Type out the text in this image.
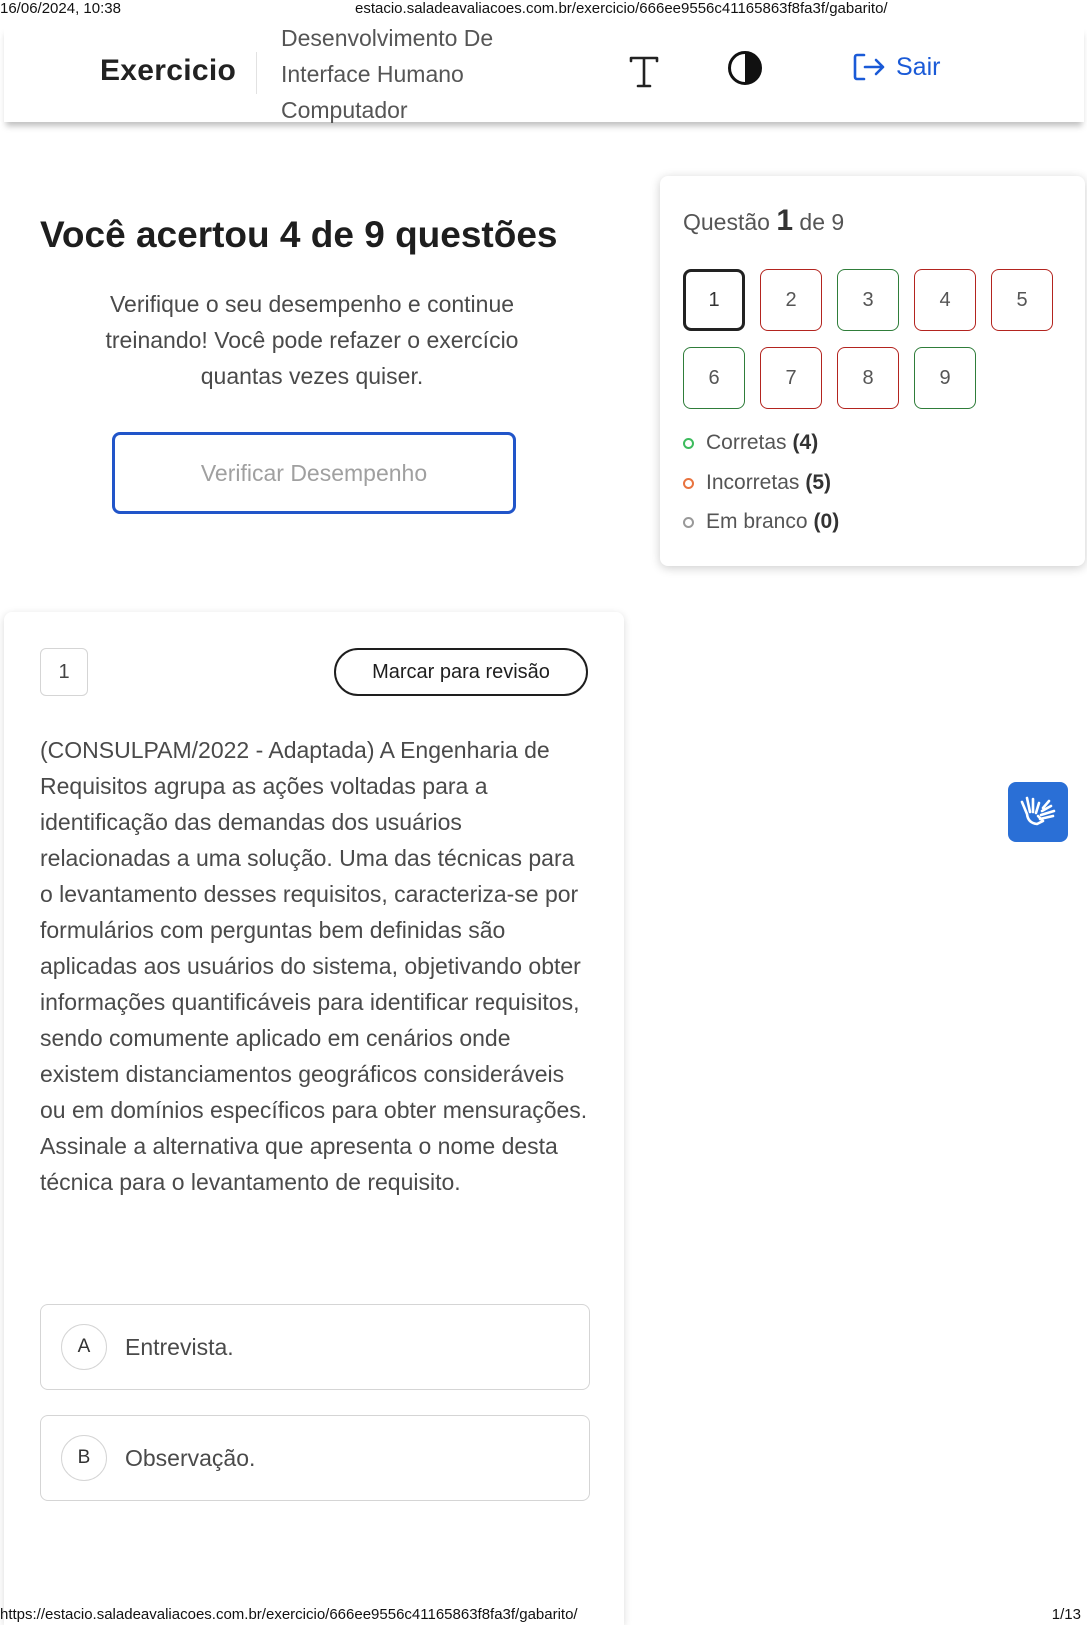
16/06/2024, 10:38	estacio.saladeavaliacoes.com.br/exercicio/666ee9556c41165863f8fa3f/gabarito/
Exercicio
Desenvolvimento De Interface Humano Computador
Sair
Você acertou 4 de 9 questões
Verifique o seu desempenho e continue treinando! Você pode refazer o exercício quantas vezes quiser.
Verificar Desempenho
Questão 1 de 9
1	2	3	4	5
6	7	8	9
Corretas (4)
Incorretas (5)
Em branco (0)
1	Marcar para revisão
(CONSULPAM/2022 - Adaptada) A Engenharia de Requisitos agrupa as ações voltadas para a identificação das demandas dos usuários relacionadas a uma solução. Uma das técnicas para o levantamento desses requisitos, caracteriza-se por formulários com perguntas bem definidas são aplicadas aos usuários do sistema, objetivando obter informações quantificáveis para identificar requisitos, sendo comumente aplicado em cenários onde existem distanciamentos geográficos consideráveis ou em domínios específicos para obter mensurações. Assinale a alternativa que apresenta o nome desta técnica para o levantamento de requisito.
A	Entrevista.
B	Observação.
https://estacio.saladeavaliacoes.com.br/exercicio/666ee9556c41165863f8fa3f/gabarito/	1/13
